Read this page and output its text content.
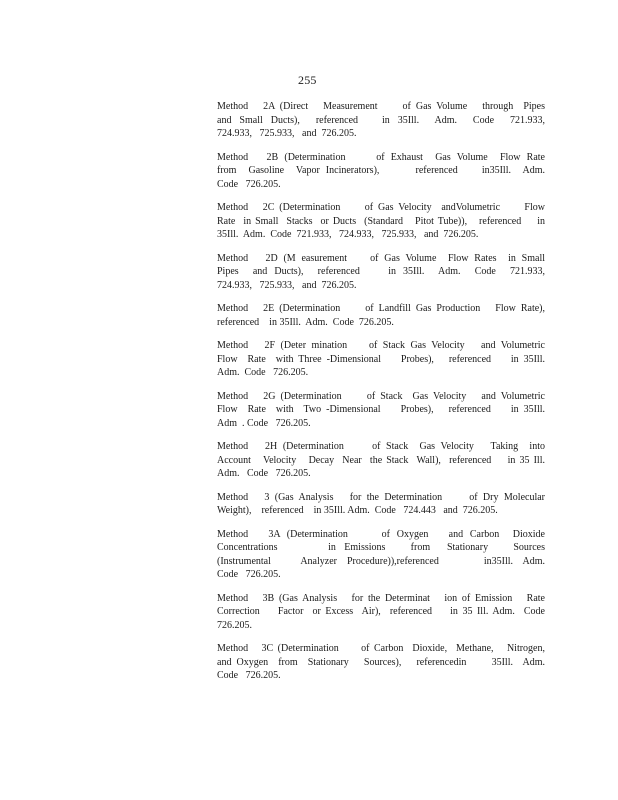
255
Method   2A (Direct   Measurement     of Gas Volume   through  Pipes
and Small Ducts),  referenced   in 35Ill.  Adm.  Code  721.933,
724.933,   725.933,   and  726.205.
Method   2B (Determination     of Exhaust  Gas Volume  Flow Rate
from  Gasoline  Vapor Incinerators),      referenced    in35Ill.  Adm.
Code   726.205.
Method   2C (Determination     of Gas Velocity  andVolumetric     Flow
Rate  in Small  Stacks  or Ducts  (Standard   Pitot Tube)),   referenced    in
35Ill.  Adm.  Code  721.933,   724.933,   725.933,   and  726.205.
Method   2D (M easurement    of Gas Volume  Flow Rates  in Small
Pipes  and Ducts),  referenced    in 35Ill.  Adm.  Code  721.933,
724.933,   725.933,   and  726.205.
Method   2E (Determination     of Landfill Gas Production   Flow Rate),
referenced    in 35Ill.  Adm.  Code  726.205.
Method   2F (Deter mination    of Stack Gas Velocity   and Volumetric
Flow  Rate  with Three -Dimensional    Probes),   referenced    in 35Ill.
Adm.  Code   726.205.
Method   2G (Determination     of Stack  Gas Velocity   and Volumetric
Flow  Rate  with  Two -Dimensional    Probes),   referenced    in 35Ill.
Adm  . Code   726.205.
Method   2H (Determination     of Stack  Gas Velocity   Taking  into
Account   Velocity   Decay  Near  the Stack  Wall),  referenced    in 35 Ill.
Adm.   Code   726.205.
Method   3 (Gas Analysis   for the Determination     of Dry Molecular
Weight),    referenced    in 35Ill. Adm.  Code   724.443   and  726.205.
Method   3A (Determination     of Oxygen   and Carbon  Dioxide
Concentrations      in Emissions   from  Stationary   Sources
(Instrumental      Analyzer  Procedure)),referenced         in35Ill.  Adm.
Code   726.205.
Method   3B (Gas Analysis   for the Determinat   ion of Emission   Rate
Correction    Factor  or Excess  Air),  referenced    in 35 Ill. Adm.  Code
726.205.
Method   3C (Determination     of Carbon  Dioxide,  Methane,   Nitrogen,
and Oxygen  from  Stationary   Sources),   referencedin     35Ill.  Adm.
Code   726.205.
